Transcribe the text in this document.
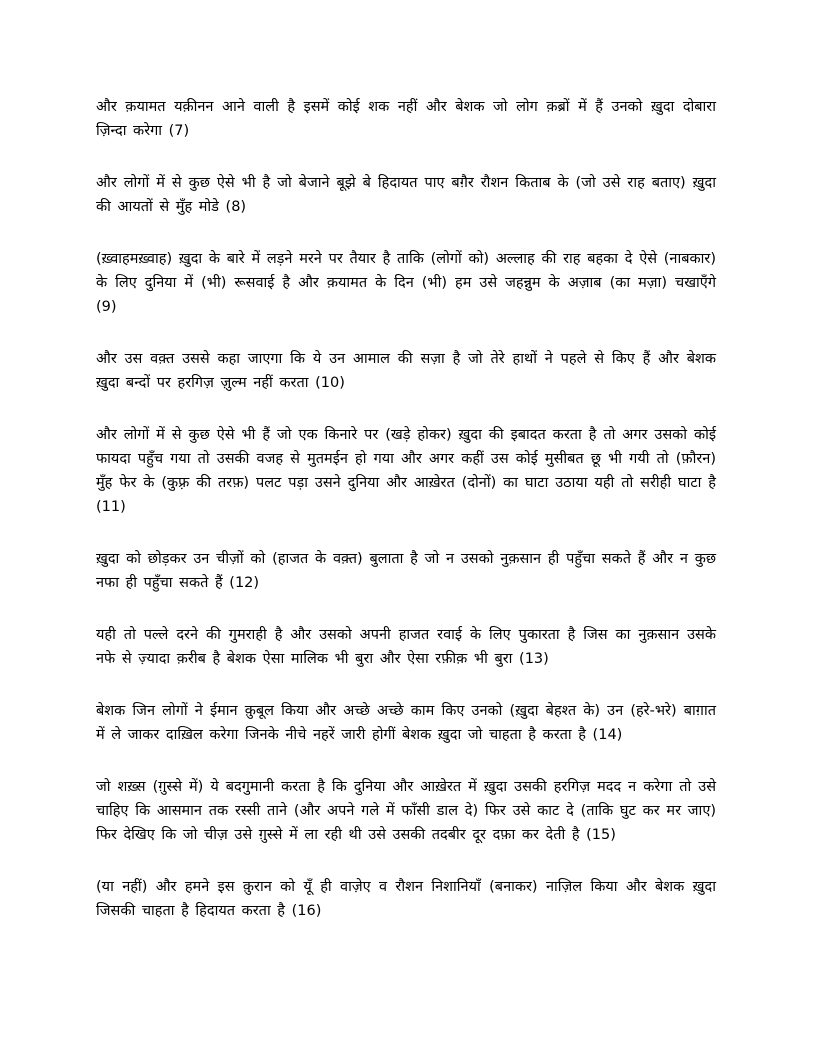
और क़यामत यक़ीनन आने वाली है इसमें कोई शक नहीं और बेशक जो लोग क़ब्रों में हैं उनको ख़ुदा दोबारा ज़िन्दा करेगा (7)

और लोगों में से कुछ ऐसे भी है जो बेजाने बूझे बे हिदायत पाए बग़ैर रौशन किताब के (जो उसे राह बताए) ख़ुदा की आयतों से मुँह मोडे (8)

(ख़्वाहमख़्वाह) ख़ुदा के बारे में लड़ने मरने पर तैयार है ताकि (लोगों को) अल्लाह की राह बहका दे ऐसे (नाबकार) के लिए दुनिया में (भी) रूसवाई है और क़यामत के दिन (भी) हम उसे जहन्नुम के अज़ाब (का मज़ा) चखाएँगे (9)

और उस वक़्त उससे कहा जाएगा कि ये उन आमाल की सज़ा है जो तेरे हाथों ने पहले से किए हैं और बेशक ख़ुदा बन्दों पर हरगिज़ ज़ुल्म नहीं करता (10)

और लोगों में से कुछ ऐसे भी हैं जो एक किनारे पर (खड़े होकर) ख़ुदा की इबादत करता है तो अगर उसको कोई फायदा पहुँच गया तो उसकी वजह से मुतमईन हो गया और अगर कहीं उस कोई मुसीबत छू भी गयी तो (फ़ौरन) मुँह फेर के (कुफ़्र की तरफ़) पलट पड़ा उसने दुनिया और आख़ेरत (दोनों) का घाटा उठाया यही तो सरीही घाटा है (11)

ख़ुदा को छोड़कर उन चीज़ों को (हाजत के वक़्त) बुलाता है जो न उसको नुक़सान ही पहुँचा सकते हैं और न कुछ नफा ही पहुँचा सकते हैं (12)

यही तो पल्ले दरने की गुमराही है और उसको अपनी हाजत रवाई के लिए पुकारता है जिस का नुक़सान उसके नफे से ज़्यादा क़रीब है बेशक ऐसा मालिक भी बुरा और ऐसा रफ़ीक़ भी बुरा (13)

बेशक जिन लोगों ने ईमान क़ुबूल किया और अच्छे अच्छे काम किए उनको (ख़ुदा बेहश्त के) उन (हरे-भरे) बाग़ात में ले जाकर दाख़िल करेगा जिनके नीचे नहरें जारी होगीं बेशक ख़ुदा जो चाहता है करता है (14)

जो शख़्स (ग़ुस्से में) ये बदगुमानी करता है कि दुनिया और आख़ेरत में ख़ुदा उसकी हरगिज़ मदद न करेगा तो उसे चाहिए कि आसमान तक रस्सी ताने (और अपने गले में फाँसी डाल दे) फिर उसे काट दे (ताकि घुट कर मर जाए) फिर देखिए कि जो चीज़ उसे ग़ुस्से में ला रही थी उसे उसकी तदबीर दूर दफ़ा कर देती है (15)

(या नहीं) और हमने इस क़ुरान को यूँ ही वाज़ेए व रौशन निशानियाँ (बनाकर) नाज़िल किया और बेशक ख़ुदा जिसकी चाहता है हिदायत करता है (16)
